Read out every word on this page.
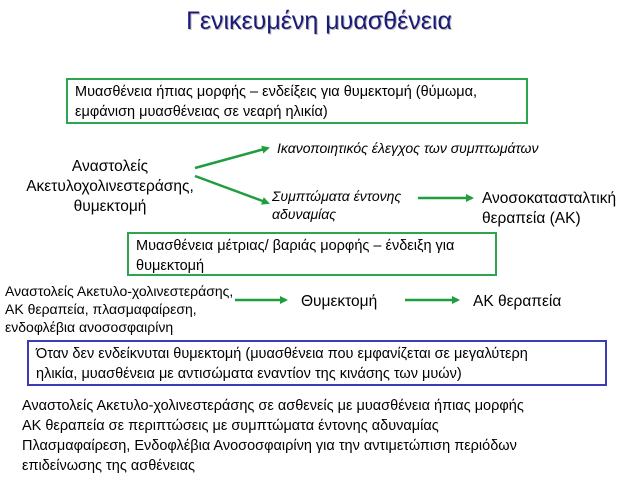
Γενικευμένη μυασθένεια
Μυασθένεια ήπιας μορφής – ενδείξεις για θυμεκτομή (θύμωμα,
εμφάνιση μυασθένειας σε νεαρή ηλικία)
Αναστολείς
Ακετυλοχολινεστεράσης,
θυμεκτομή
Ικανοποιητικός έλεγχος των συμπτωμάτων
Συμπτώματα έντονης
αδυναμίας
Ανοσοκατασταλτική
θεραπεία (ΑΚ)
Μυασθένεια μέτριας/ βαριάς μορφής – ένδειξη για
θυμεκτομή
Αναστολείς Ακετυλο-χολινεστεράσης,
ΑΚ θεραπεία, πλασμαφαίρεση,
ενδοφλέβια ανοσοσφαιρίνη
Θυμεκτομή	ΑΚ θεραπεία
Όταν δεν ενδείκνυται θυμεκτομή (μυασθένεια που εμφανίζεται σε μεγαλύτερη
ηλικία, μυασθένεια με αντισώματα εναντίον της κινάσης των μυών)
Αναστολείς Ακετυλο-χολινεστεράσης σε ασθενείς με μυασθένεια ήπιας μορφής
ΑΚ θεραπεία σε περιπτώσεις με συμπτώματα έντονης αδυναμίας
Πλασμαφαίρεση, Ενδοφλέβια Ανοσοσφαιρίνη για την αντιμετώπιση περιόδων
επιδείνωσης της ασθένειας
